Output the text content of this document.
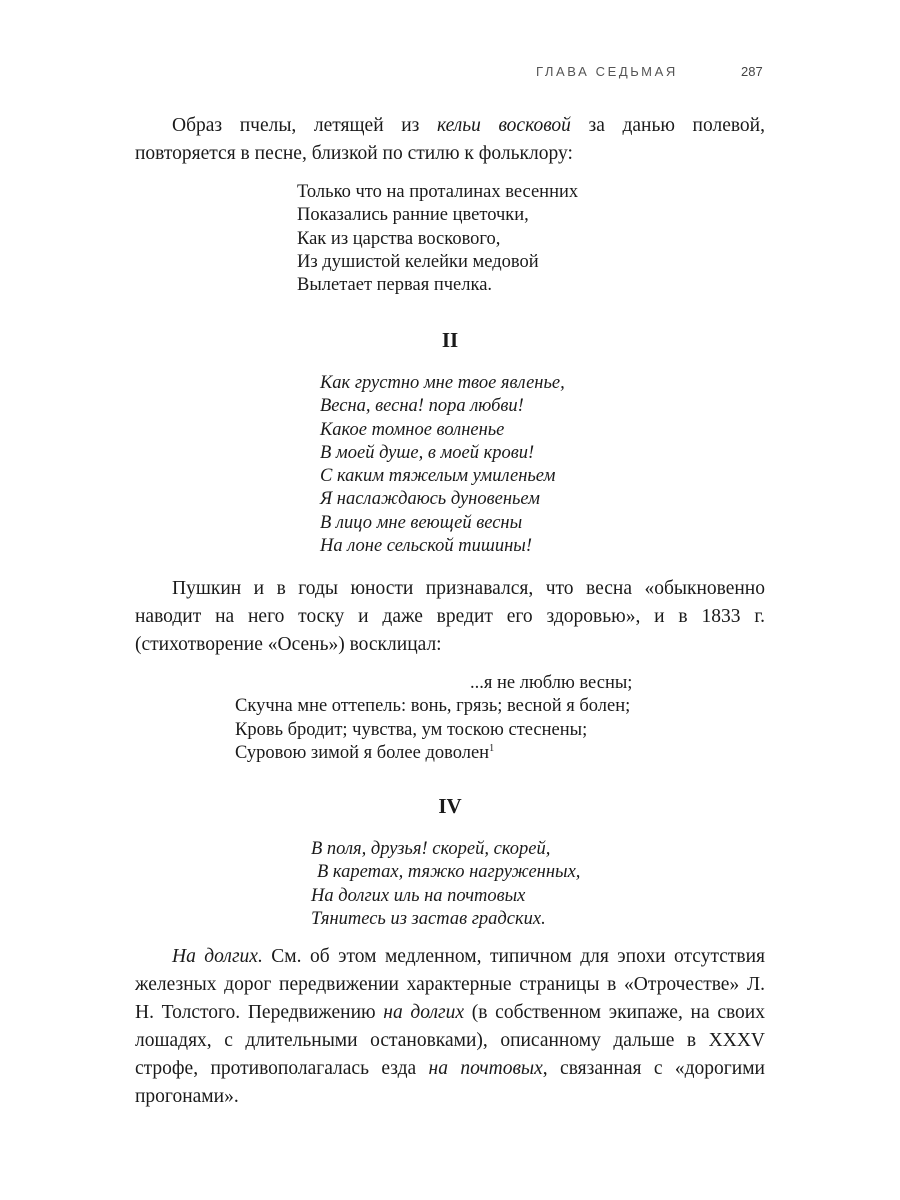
ГЛАВА СЕДЬМАЯ	287

Образ пчелы, летящей из кельи восковой за данью полевой, повторяется в песне, близкой по стилю к фольклору:

Только что на проталинах весенних
Показались ранние цветочки,
Как из царства воскового,
Из душистой келейки медовой
Вылетает первая пчелка.
II
Как грустно мне твое явленье,
Весна, весна! пора любви!
Какое томное волненье
В моей душе, в моей крови!
С каким тяжелым умиленьем
Я наслаждаюсь дуновеньем
В лицо мне веющей весны
На лоне сельской тишины!

Пушкин и в годы юности признавался, что весна «обыкновенно наводит на него тоску и даже вредит его здоровью», и в 1833 г. (стихотворение «Осень») восклицал:

...я не люблю весны;
Скучна мне оттепель: вонь, грязь; весной я болен;
Кровь бродит; чувства, ум тоскою стеснены;
Суровою зимой я более доволен$^1$
IV
В поля, друзья! скорей, скорей,
В каретах, тяжко нагруженных,
На долгих иль на почтовых
Тянитесь из застав градских.

На долгих. См. об этом медленном, типичном для эпохи отсутствия железных дорог передвижении характерные страницы в «Отрочестве» Л. Н. Толстого. Передвижению на долгих (в собственном экипаже, на своих лошадях, с длительными остановками), описанному дальше в XXXV строфе, противополагалась езда на почтовых, связанная с «дорогими прогонами».
